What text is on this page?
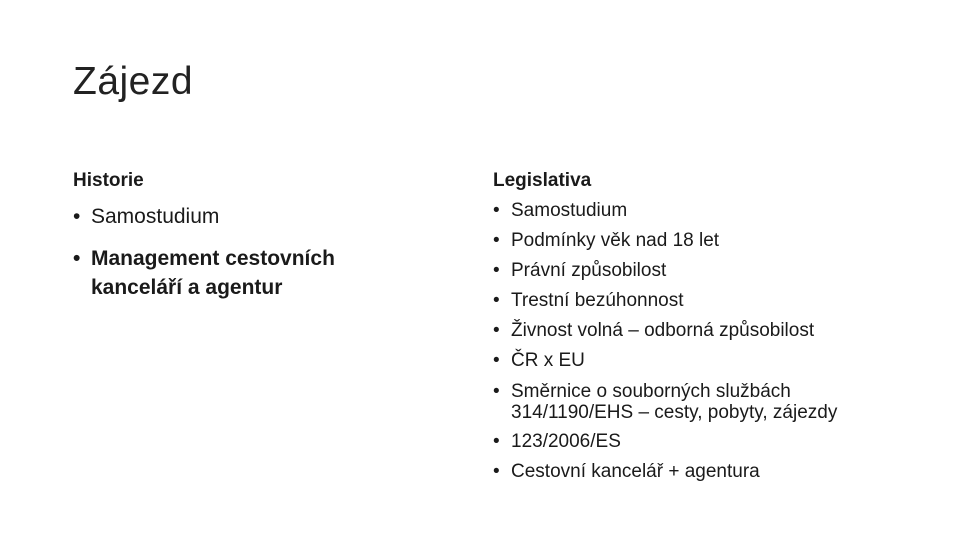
Zájezd

Historie

• Samostudium
• Management cestovních kanceláří a agentur

Legislativa

• Samostudium
• Podmínky věk nad 18 let
• Právní způsobilost
• Trestní bezúhonnost
• Živnost volná – odborná způsobilost
• ČR x EU
• Směrnice o souborných službách 314/1190/EHS – cesty, pobyty, zájezdy
• 123/2006/ES
• Cestovní kancelář + agentura
